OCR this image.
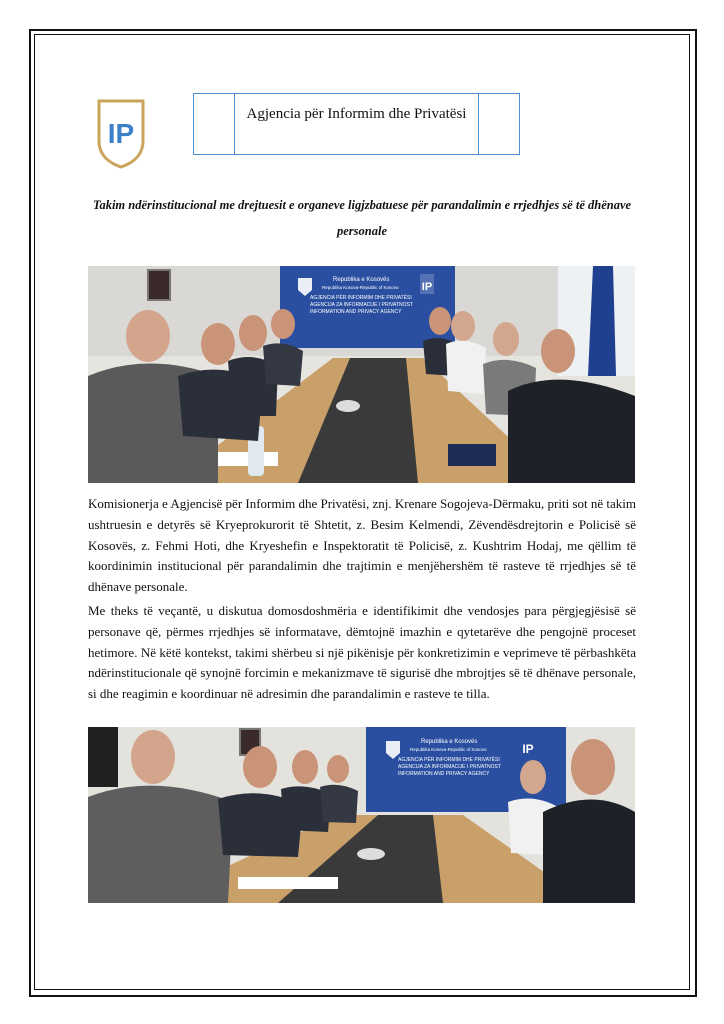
IP
Agjencia për Informim dhe Privatësi
Takim ndërinstitucional me drejtuesit e organeve ligjzbatuese për parandalimin e rrjedhjes së të dhënave personale
Republika e Kosovës
Republika Kosova-Republic of Kosovo
AGJENCIA PËR INFORMIM DHE PRIVATËSI
AGENCIJA ZA INFORMACIJE I PRIVATNOST
INFORMATION AND PRIVACY AGENCY
IP
Komisionerja e Agjencisë për Informim dhe Privatësi, znj. Krenare Sogojeva-Dërmaku, priti sot në takim ushtruesin e detyrës së Kryeprokurorit të Shtetit, z. Besim Kelmendi, Zëvendësdrejtorin e Policisë së Kosovës, z. Fehmi Hoti, dhe Kryeshefin e Inspektoratit të Policisë, z. Kushtrim Hodaj, me qëllim të koordinimin institucional për parandalimin dhe trajtimin e menjëhershëm të rasteve të rrjedhjes së të dhënave personale.
Me theks të veçantë, u diskutua domosdoshmëria e identifikimit dhe vendosjes para përgjegjësisë së personave që, përmes rrjedhjes së informatave, dëmtojnë imazhin e qytetarëve dhe pengojnë proceset hetimore. Në këtë kontekst, takimi shërbeu si një pikënisje për konkretizimin e veprimeve të përbashkëta ndërinstitucionale që synojnë forcimin e mekanizmave të sigurisë dhe mbrojtjes së të dhënave personale, si dhe reagimin e koordinuar në adresimin dhe parandalimin e rasteve te tilla.
Republika e Kosovës
Republika Kosova-Republic of Kosovo
AGJENCIA PËR INFORMIM DHE PRIVATËSI
AGENCIJA ZA INFORMACIJE I PRIVATNOST
INFORMATION AND PRIVACY AGENCY
IP
